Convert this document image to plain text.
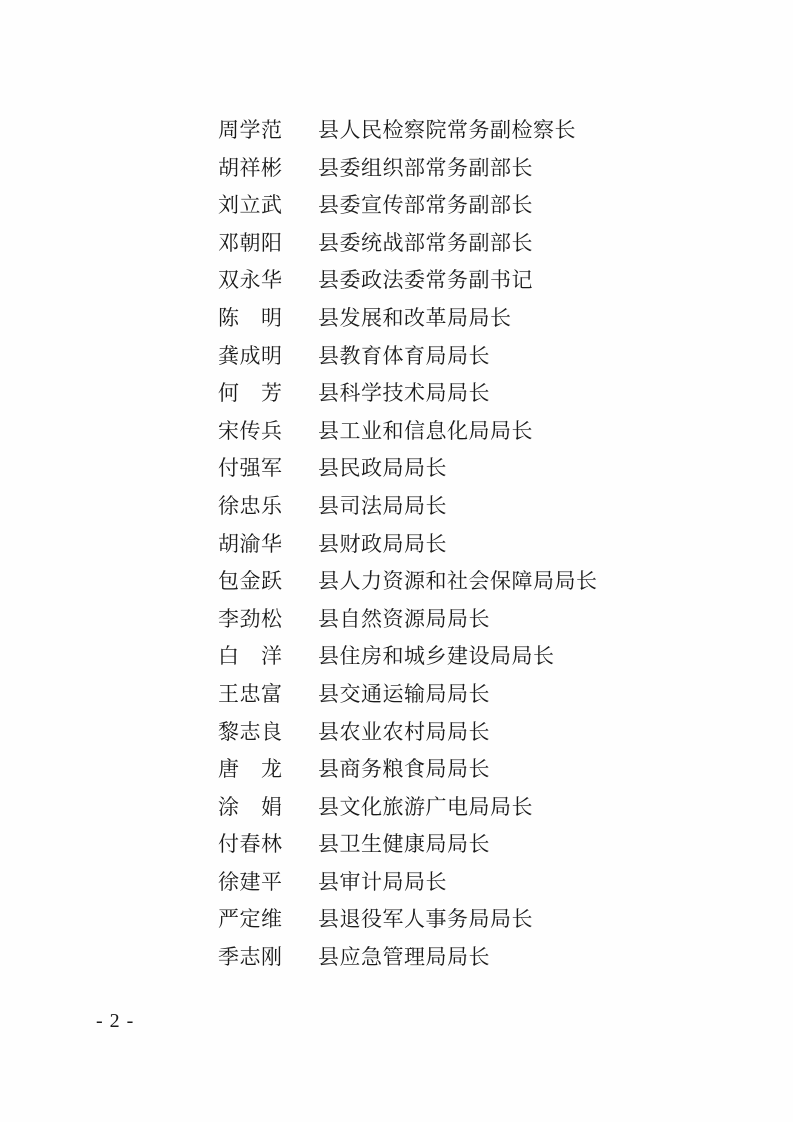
周学范	县人民检察院常务副检察长
胡祥彬	县委组织部常务副部长
刘立武	县委宣传部常务副部长
邓朝阳	县委统战部常务副部长
双永华	县委政法委常务副书记
陈　明	县发展和改革局局长
龚成明	县教育体育局局长
何　芳	县科学技术局局长
宋传兵	县工业和信息化局局长
付强军	县民政局局长
徐忠乐	县司法局局长
胡渝华	县财政局局长
包金跃	县人力资源和社会保障局局长
李劲松	县自然资源局局长
白　洋	县住房和城乡建设局局长
王忠富	县交通运输局局长
黎志良	县农业农村局局长
唐　龙	县商务粮食局局长
涂　娟	县文化旅游广电局局长
付春林	县卫生健康局局长
徐建平	县审计局局长
严定维	县退役军人事务局局长
季志刚	县应急管理局局长
- 2 -
